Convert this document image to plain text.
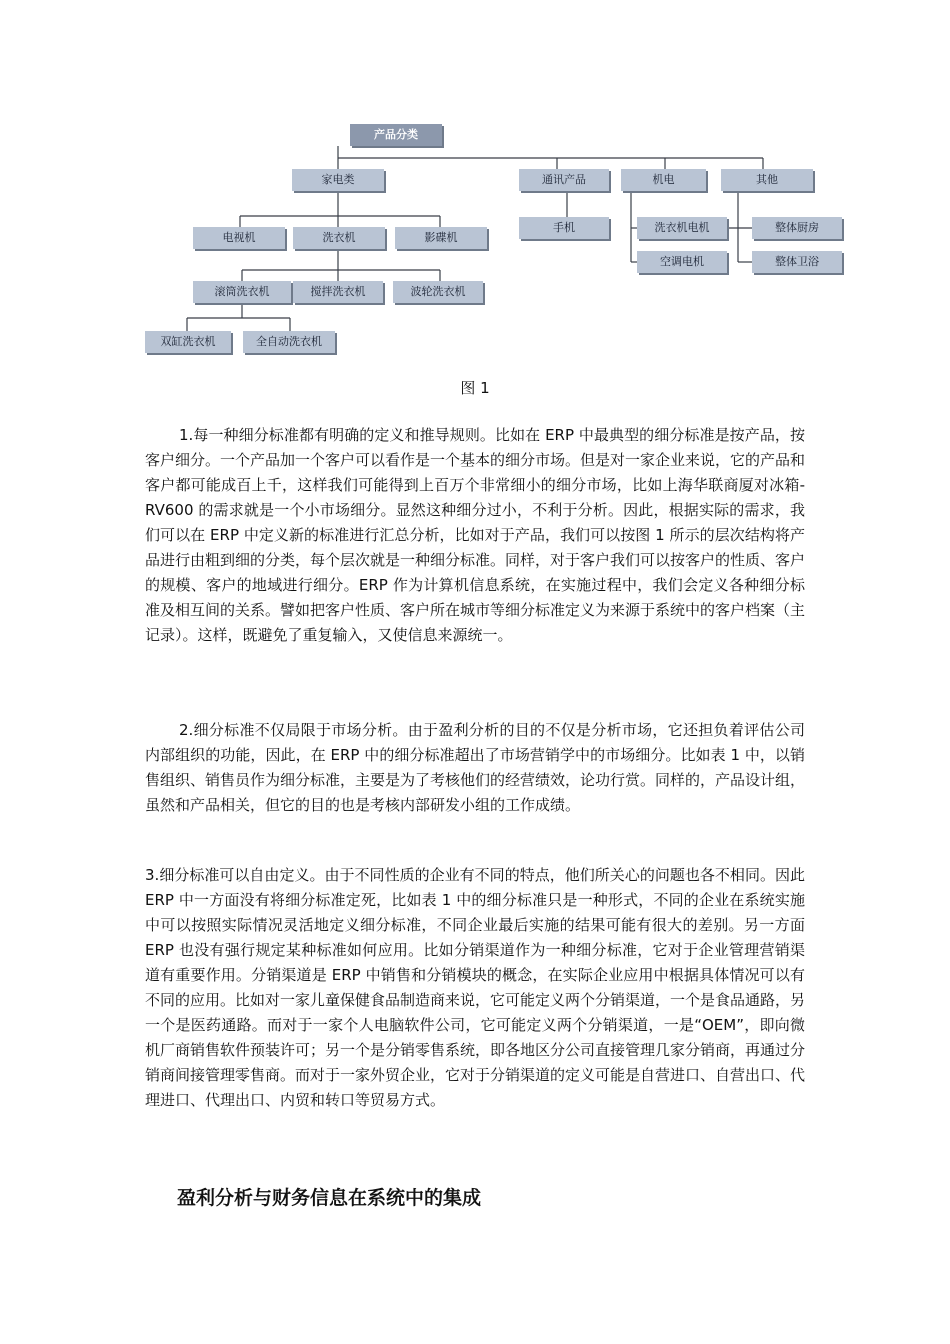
产品分类
家电类	通讯产品	机电	其他
电视机	洗衣机	影碟机
手机	洗衣机电机
空调电机
整体厨房
整体卫浴
滚筒洗衣机	搅拌洗衣机	波轮洗衣机
双缸洗衣机	全自动洗衣机
图 1

1.每一种细分标准都有明确的定义和推导规则。比如在 ERP 中最典型的细分标准是按产品，按客户细分。一个产品加一个客户可以看作是一个基本的细分市场。但是对一家企业来说，它的产品和客户都可能成百上千，这样我们可能得到上百万个非常细小的细分市场，比如上海华联商厦对冰箱-RV600 的需求就是一个小市场细分。显然这种细分过小，不利于分析。因此，根据实际的需求，我们可以在 ERP 中定义新的标准进行汇总分析，比如对于产品，我们可以按图 1 所示的层次结构将产品进行由粗到细的分类，每个层次就是一种细分标准。同样，对于客户我们可以按客户的性质、客户的规模、客户的地域进行细分。ERP 作为计算机信息系统，在实施过程中，我们会定义各种细分标准及相互间的关系。譬如把客户性质、客户所在城市等细分标准定义为来源于系统中的客户档案（主记录）。这样，既避免了重复输入，又使信息来源统一。

2.细分标准不仅局限于市场分析。由于盈利分析的目的不仅是分析市场，它还担负着评估公司内部组织的功能，因此，在 ERP 中的细分标准超出了市场营销学中的市场细分。比如表 1 中，以销售组织、销售员作为细分标准，主要是为了考核他们的经营绩效，论功行赏。同样的，产品设计组，虽然和产品相关，但它的目的也是考核内部研发小组的工作成绩。

3.细分标准可以自由定义。由于不同性质的企业有不同的特点，他们所关心的问题也各不相同。因此 ERP 中一方面没有将细分标准定死，比如表 1 中的细分标准只是一种形式，不同的企业在系统实施中可以按照实际情况灵活地定义细分标准，不同企业最后实施的结果可能有很大的差别。另一方面 ERP 也没有强行规定某种标准如何应用。比如分销渠道作为一种细分标准，它对于企业管理营销渠道有重要作用。分销渠道是 ERP 中销售和分销模块的概念，在实际企业应用中根据具体情况可以有不同的应用。比如对一家儿童保健食品制造商来说，它可能定义两个分销渠道，一个是食品通路，另一个是医药通路。而对于一家个人电脑软件公司，它可能定义两个分销渠道，一是“OEM”，即向微机厂商销售软件预装许可；另一个是分销零售系统，即各地区分公司直接管理几家分销商，再通过分销商间接管理零售商。而对于一家外贸企业，它对于分销渠道的定义可能是自营进口、自营出口、代理进口、代理出口、内贸和转口等贸易方式。

盈利分析与财务信息在系统中的集成
